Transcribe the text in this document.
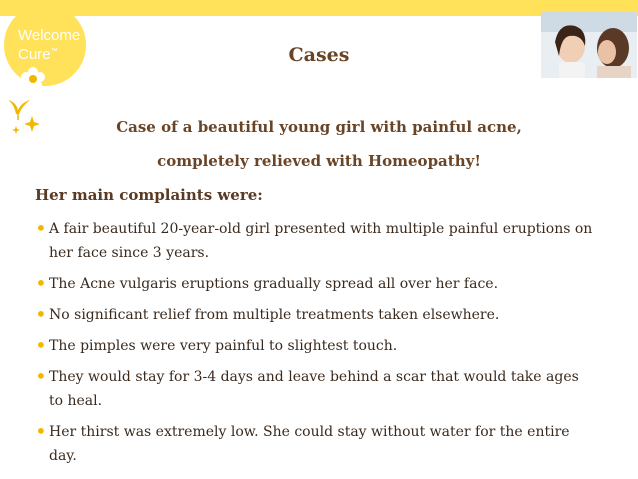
Welcome
Cure™	Cases
Case of a beautiful young girl with painful acne,
completely relieved with Homeopathy!
Her main complaints were:
• A fair beautiful 20-year-old girl presented with multiple painful eruptions on her face since 3 years.
• The Acne vulgaris eruptions gradually spread all over her face.
• No significant relief from multiple treatments taken elsewhere.
• The pimples were very painful to slightest touch.
• They would stay for 3-4 days and leave behind a scar that would take ages to heal.
• Her thirst was extremely low. She could stay without water for the entire day.
